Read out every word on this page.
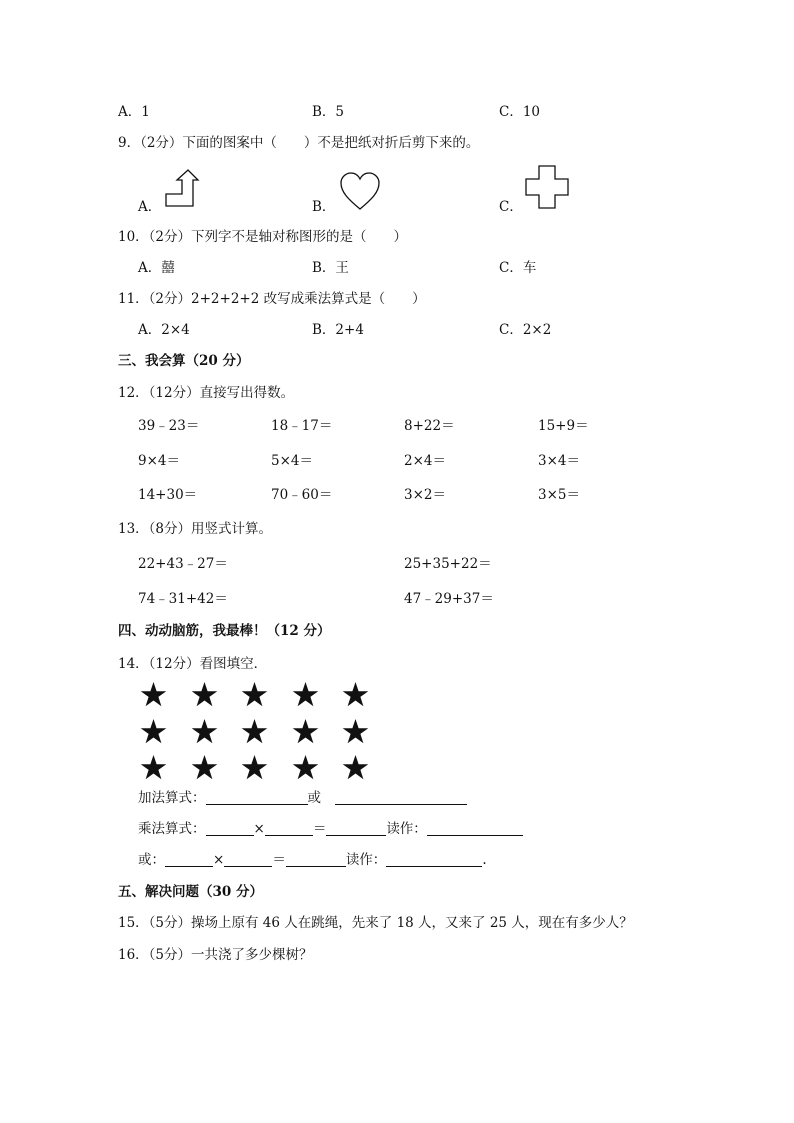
A．1	B．5	C．10
9．（2分）下面的图案中（　　）不是把纸对折后剪下来的。
A．	B．	C．
10．（2分）下列字不是轴对称图形的是（　　）
A．囍	B．王	C．车
11．（2分）2+2+2+2 改写成乘法算式是（　　）
A．2×4	B．2+4	C．2×2
三、我会算（20 分）
12．（12分）直接写出得数。
39﹣23＝	18﹣17＝	8+22＝	15+9＝
9×4＝	5×4＝	2×4＝	3×4＝
14+30＝	70﹣60＝	3×2＝	3×5＝
13．（8分）用竖式计算。
22+43﹣27＝	25+35+22＝
74﹣31+42＝	47﹣29+37＝
四、动动脑筋，我最棒！（12 分）
14．（12分）看图填空．
加法算式：	或
乘法算式：	×	＝	读作：
或：	×	＝	读作：	.
五、解决问题（30 分）
15．（5分）操场上原有 46 人在跳绳，先来了 18 人，又来了 25 人，现在有多少人？
16．（5分）一共浇了多少棵树？
